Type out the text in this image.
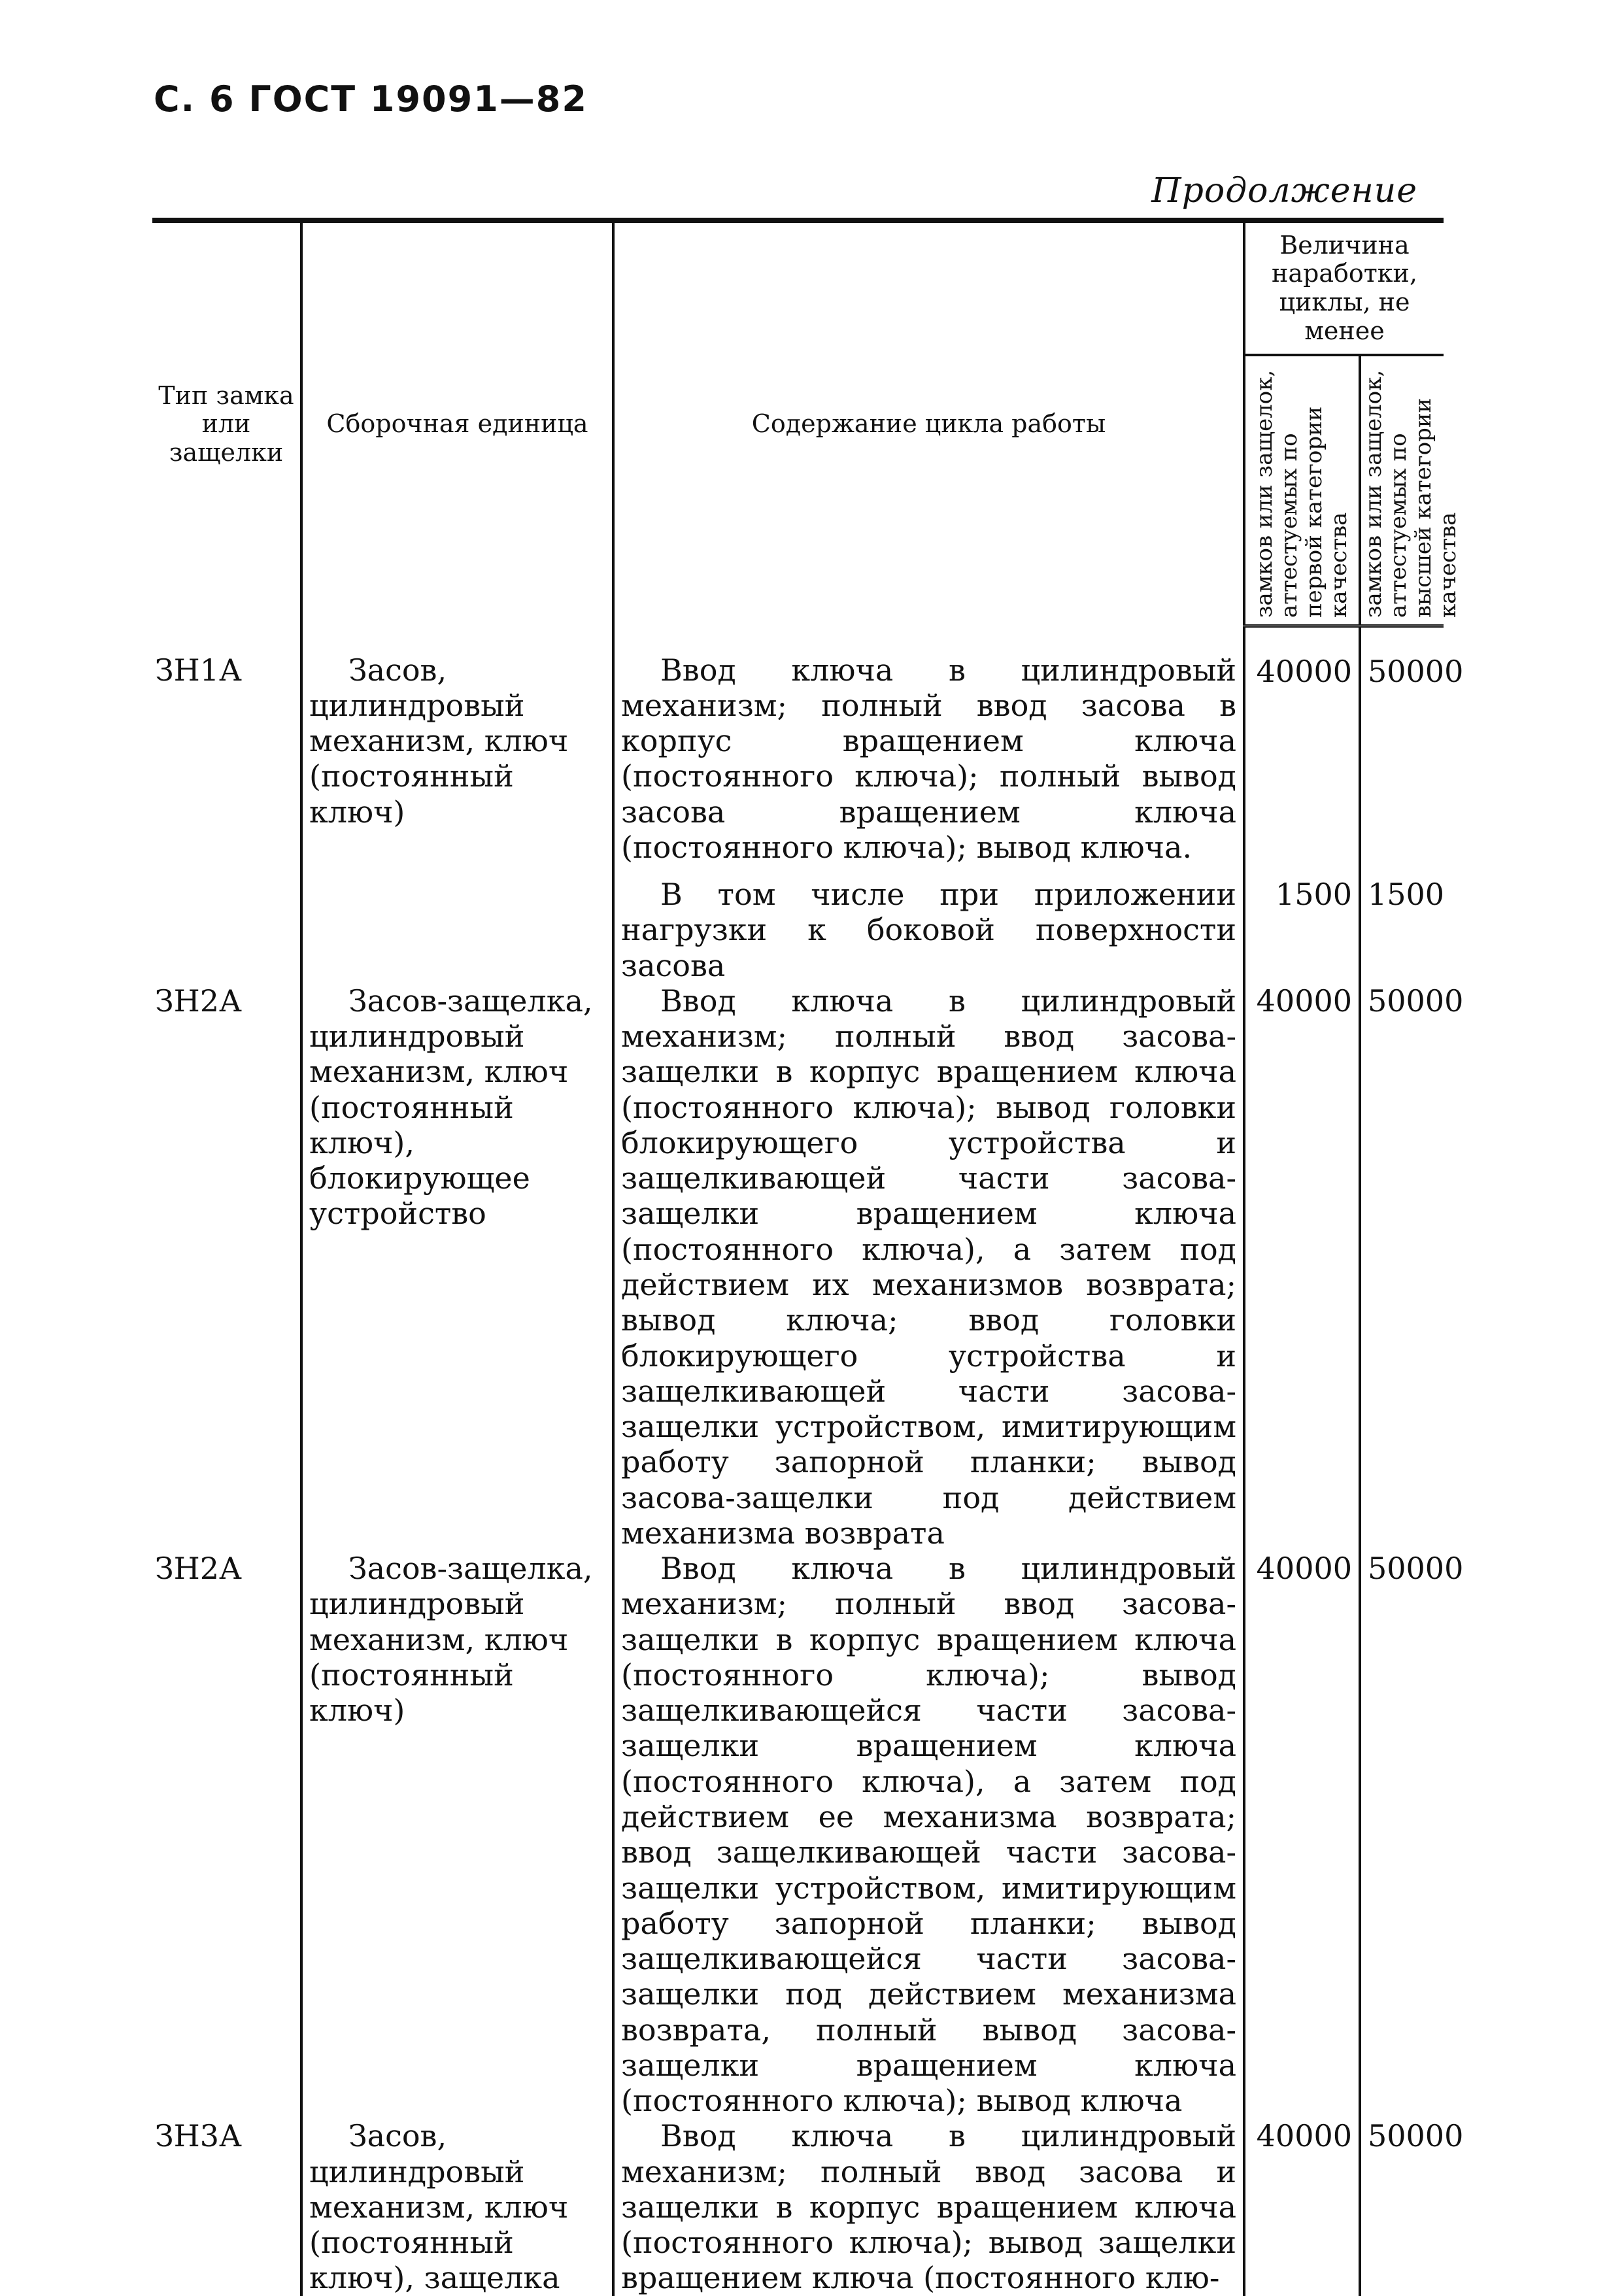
С. 6 ГОСТ 19091—82
Продолжение
Тип замка или защелки	Сборочная единица	Содержание цикла работы	Величина наработки, циклы, не менее	
			замков или защелок, аттестуемых по первой категории качества	замков или защелок, аттестуемых по высшей категории качества
ЗН1А	Засов, цилиндровый механизм, ключ (постоянный ключ)	Ввод ключа в цилиндровый механизм; полный ввод засова в корпус вращением ключа (постоянного ключа); полный вывод засова вращением ключа (постоянного ключа); вывод ключа.	40000	50000

		В том числе при приложении нагрузки к боковой поверхности засова	1500	1500
ЗН2А	Засов-защелка, цилиндровый механизм, ключ (постоянный ключ), блокирующее устройство	Ввод ключа в цилиндровый механизм; полный ввод засова-защелки в корпус вращением ключа (постоянного ключа); вывод головки блокирующего устройства и защелкивающей части засова-защелки вращением ключа (постоянного ключа), а затем под действием их механизмов возврата; вывод ключа; ввод головки блокирующего устройства и защелкивающей части засова-защелки устройством, имитирующим работу запорной планки; вывод засова-защелки под действием механизма возврата	40000	50000
ЗН2А	Засов-защелка, цилиндровый механизм, ключ (постоянный ключ)	Ввод ключа в цилиндровый механизм; полный ввод засова-защелки в корпус вращением ключа (постоянного ключа); вывод защелкивающейся части засова-защелки вращением ключа (постоянного ключа), а затем под действием ее механизма возврата; ввод защелкивающей части засова-защелки устройством, имитирующим работу запорной планки; вывод защелкивающейся части засова-защелки под действием механизма возврата, полный вывод засова-защелки вращением ключа (постоянного ключа); вывод ключа	40000	50000
ЗН3А	Засов, цилиндровый механизм, ключ (постоянный ключ), защелка	Ввод ключа в цилиндровый механизм; полный ввод засова и защелки в корпус вращением ключа (постоянного ключа); вывод защелки вращением ключа (постоянного клю-	40000	50000
